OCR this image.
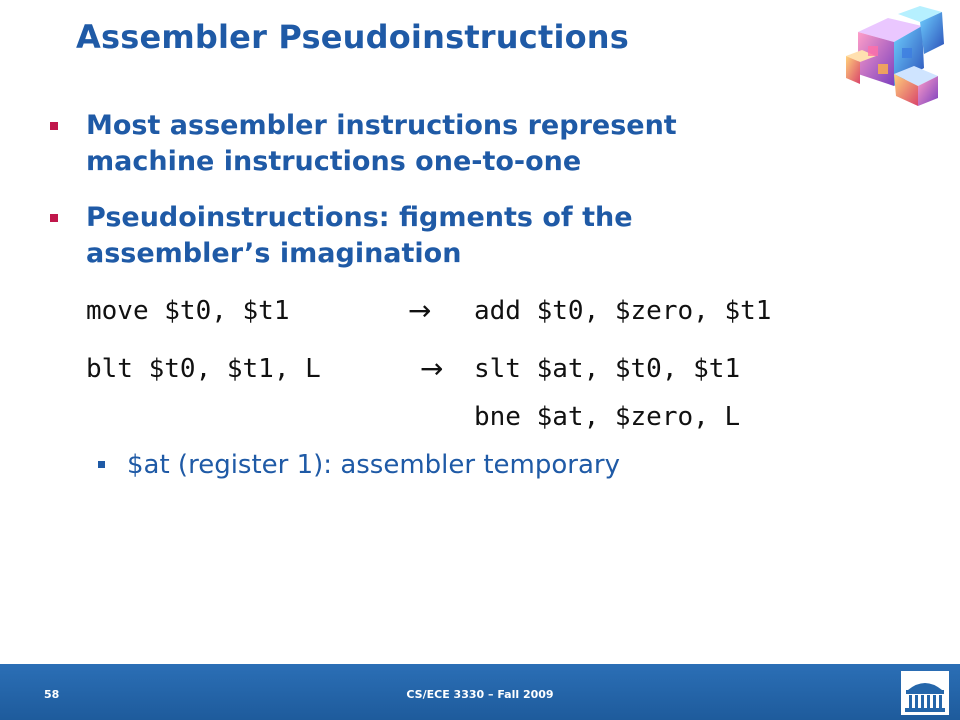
Assembler Pseudoinstructions
Most assembler instructions represent machine instructions one-to-one
Pseudoinstructions: figments of the assembler’s imagination
move $t0, $t1	→ add $t0, $zero, $t1
blt $t0, $t1, L	→ slt $at, $t0, $t1
bne $at, $zero, L
$at (register 1): assembler temporary
58	CS/ECE 3330 – Fall 2009
